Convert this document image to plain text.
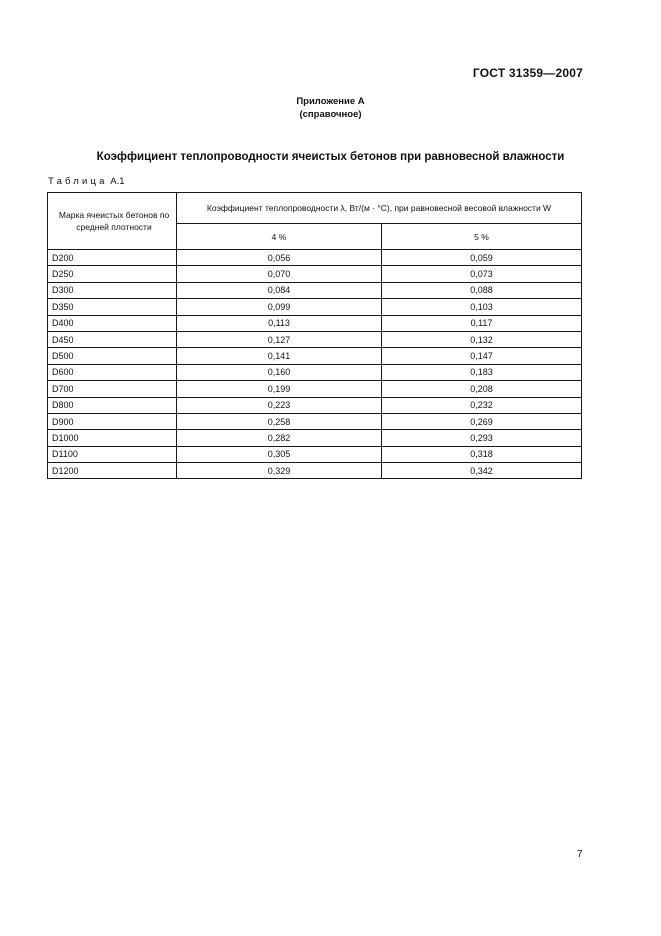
ГОСТ 31359—2007
Приложение А
(справочное)
Коэффициент теплопроводности ячеистых бетонов при равновесной влажности
Таблица А.1
Марка ячеистых бетонов по средней плотности	Коэффициент теплопроводности λ, Вт/(м · °С), при равновесной весовой влажности W	
	4 %	5 %
D200	0,056	0,059
D250	0,070	0,073
D300	0,084	0,088
D350	0,099	0,103
D400	0,113	0,117
D450	0,127	0,132
D500	0,141	0,147
D600	0,160	0,183
D700	0,199	0,208
D800	0,223	0,232
D900	0,258	0,269
D1000	0,282	0,293
D1100	0,305	0,318
D1200	0,329	0,342
7
